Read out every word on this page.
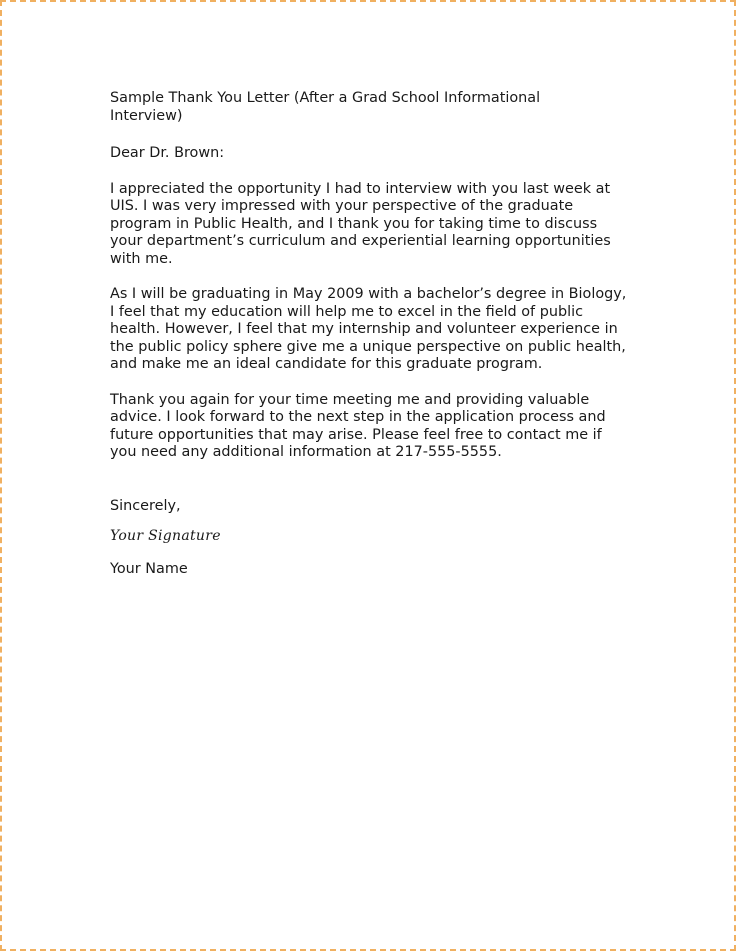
Sample Thank You Letter (After a Grad School Informational
Interview)
Dear Dr. Brown:
I appreciated the opportunity I had to interview with you last week at
UIS. I was very impressed with your perspective of the graduate
program in Public Health, and I thank you for taking time to discuss
your department’s curriculum and experiential learning opportunities
with me.
As I will be graduating in May 2009 with a bachelor’s degree in Biology,
I feel that my education will help me to excel in the field of public
health. However, I feel that my internship and volunteer experience in
the public policy sphere give me a unique perspective on public health,
and make me an ideal candidate for this graduate program.
Thank you again for your time meeting me and providing valuable
advice. I look forward to the next step in the application process and
future opportunities that may arise. Please feel free to contact me if
you need any additional information at 217-555-5555.
Sincerely,
Your Signature
Your Name
